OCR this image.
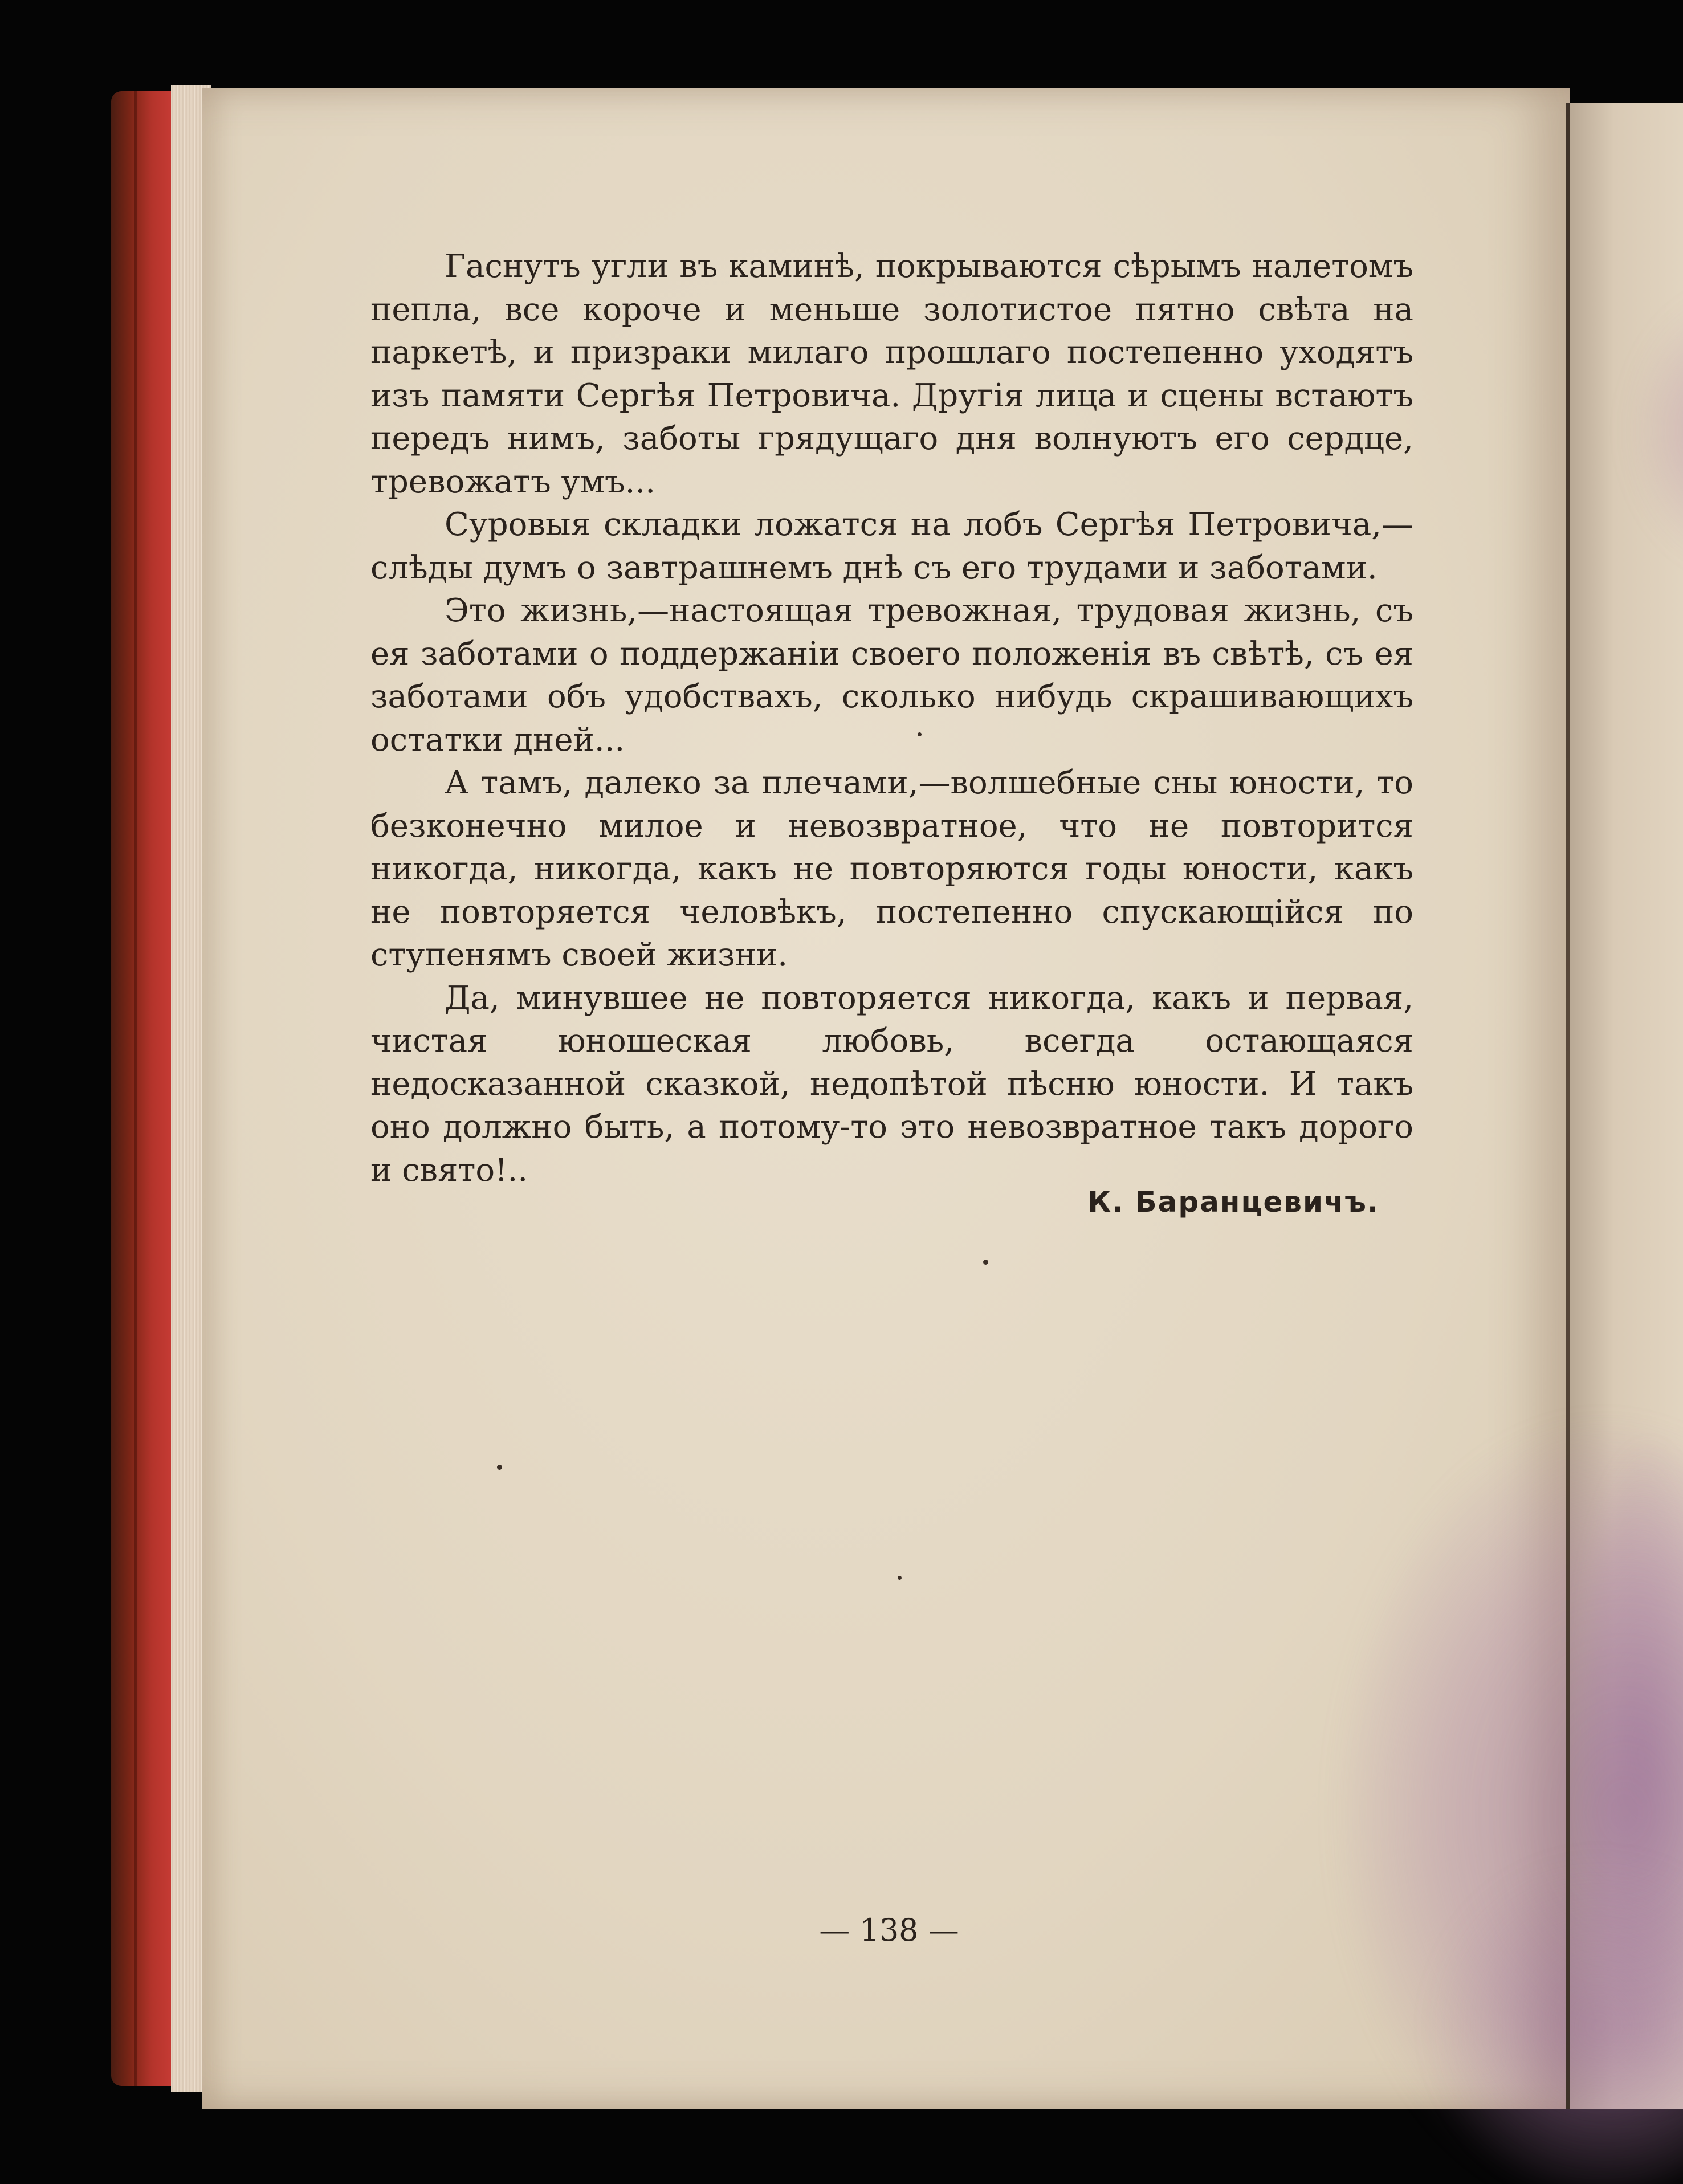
Гаснутъ угли въ каминѣ, покрываются сѣрымъ налетомъ пепла, все короче и меньше золотистое пятно свѣта на паркетѣ, и призраки милаго прошлаго постепенно уходятъ изъ памяти Сергѣя Петровича. Другія лица и сцены встаютъ передъ нимъ, заботы грядущаго дня волнуютъ его сердце, тревожатъ умъ...

Суровыя складки ложатся на лобъ Сергѣя Петровича,— слѣды думъ о завтрашнемъ днѣ съ его трудами и заботами.

Это жизнь,—настоящая тревожная, трудовая жизнь, съ ея заботами о поддержаніи своего положенія въ свѣтѣ, съ ея заботами объ удобствахъ, сколько нибудь скрашивающихъ остатки дней...

А тамъ, далеко за плечами,—волшебные сны юности, то безконечно милое и невозвратное, что не повторится никогда, никогда, какъ не повторяются годы юности, какъ не повторяется человѣкъ, постепенно спускающійся по ступенямъ своей жизни.

Да, минувшее не повторяется никогда, какъ и первая, чистая юношеская любовь, всегда остающаяся недосказанной сказкой, недопѣтой пѣсню юности. И такъ оно должно быть, а потому-то это невозвратное такъ дорого и свято!..

К. Баранцевичъ.
— 138 —
